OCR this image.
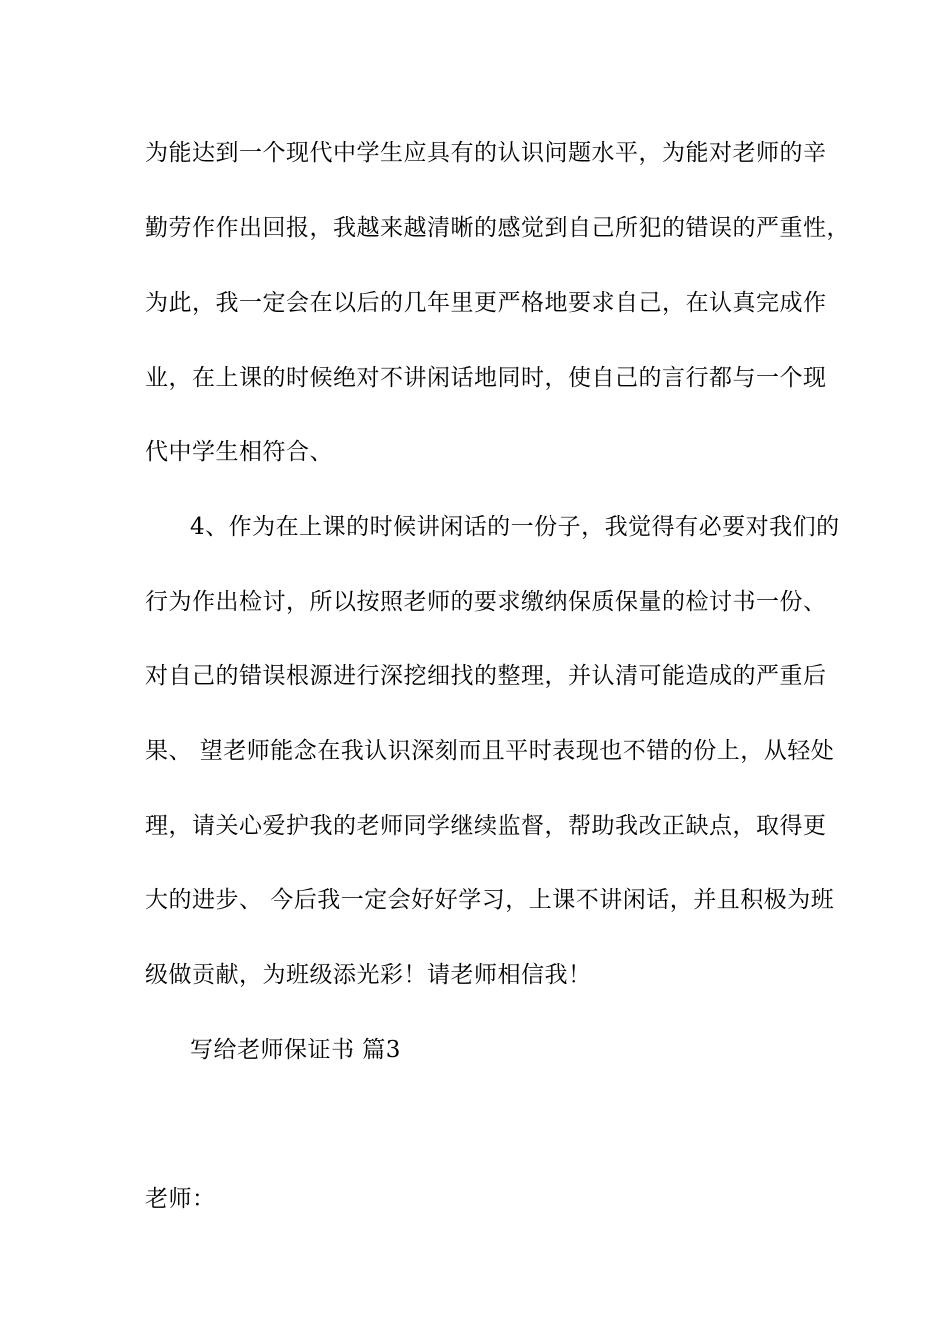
为能达到一个现代中学生应具有的认识问题水平，为能对老师的辛
勤劳作作出回报，我越来越清晰的感觉到自己所犯的错误的严重性，
为此，我一定会在以后的几年里更严格地要求自己，在认真完成作
业，在上课的时候绝对不讲闲话地同时，使自己的言行都与一个现
代中学生相符合、
4、作为在上课的时候讲闲话的一份子，我觉得有必要对我们的
行为作出检讨，所以按照老师的要求缴纳保质保量的检讨书一份、
对自己的错误根源进行深挖细找的整理，并认清可能造成的严重后
果、 望老师能念在我认识深刻而且平时表现也不错的份上，从轻处
理，请关心爱护我的老师同学继续监督，帮助我改正缺点，取得更
大的进步、 今后我一定会好好学习，上课不讲闲话，并且积极为班
级做贡献，为班级添光彩！请老师相信我！
写给老师保证书 篇3
老师：
